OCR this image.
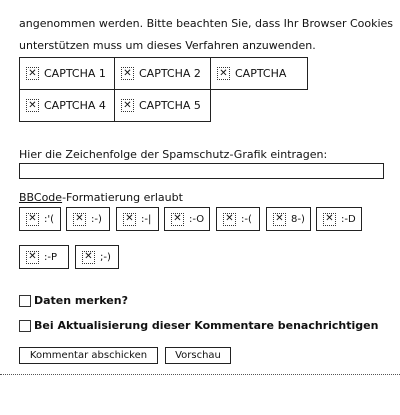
angenommen werden. Bitte beachten Sie, dass Ihr Browser Cookies
unterstützen muss um dieses Verfahren anzuwenden.
✕ CAPTCHA 1 ✕ CAPTCHA 2 ✕ CAPTCHA
✕ CAPTCHA 4 ✕ CAPTCHA 5
Hier die Zeichenfolge der Spamschutz-Grafik eintragen:
BBCode-Formatierung erlaubt
✕ :'( ✕ :-) ✕ :-| ✕ :-O ✕ :-( ✕ 8-) ✕ :-D
✕ :-P	✕ ;-)
Daten merken?
Bei Aktualisierung dieser Kommentare benachrichtigen
Kommentar abschicken	Vorschau
